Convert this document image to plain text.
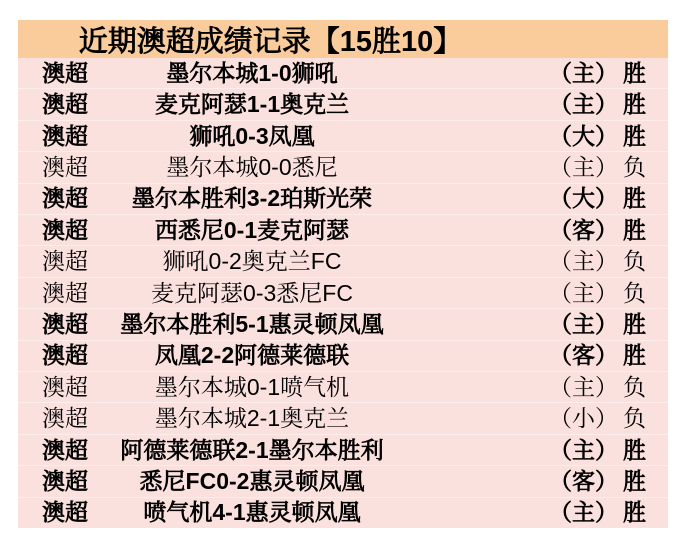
近期澳超成绩记录【15胜10】
澳超	墨尔本城1-0狮吼	（主） 胜
澳超	麦克阿瑟1-1奥克兰	（主） 胜
澳超	狮吼0-3凤凰	（大） 胜
澳超	墨尔本城0-0悉尼	（主） 负
澳超	墨尔本胜利3-2珀斯光荣	（大） 胜
澳超	西悉尼0-1麦克阿瑟	（客） 胜
澳超	狮吼0-2奥克兰FC	（主） 负
澳超	麦克阿瑟0-3悉尼FC	（主） 负
澳超	墨尔本胜利5-1惠灵顿凤凰	（主） 胜
澳超	凤凰2-2阿德莱德联	（客） 胜
澳超	墨尔本城0-1喷气机	（主） 负
澳超	墨尔本城2-1奥克兰	（小） 负
澳超	阿德莱德联2-1墨尔本胜利	（主） 胜
澳超	悉尼FC0-2惠灵顿凤凰	（客） 胜
澳超	喷气机4-1惠灵顿凤凰	（主） 胜
